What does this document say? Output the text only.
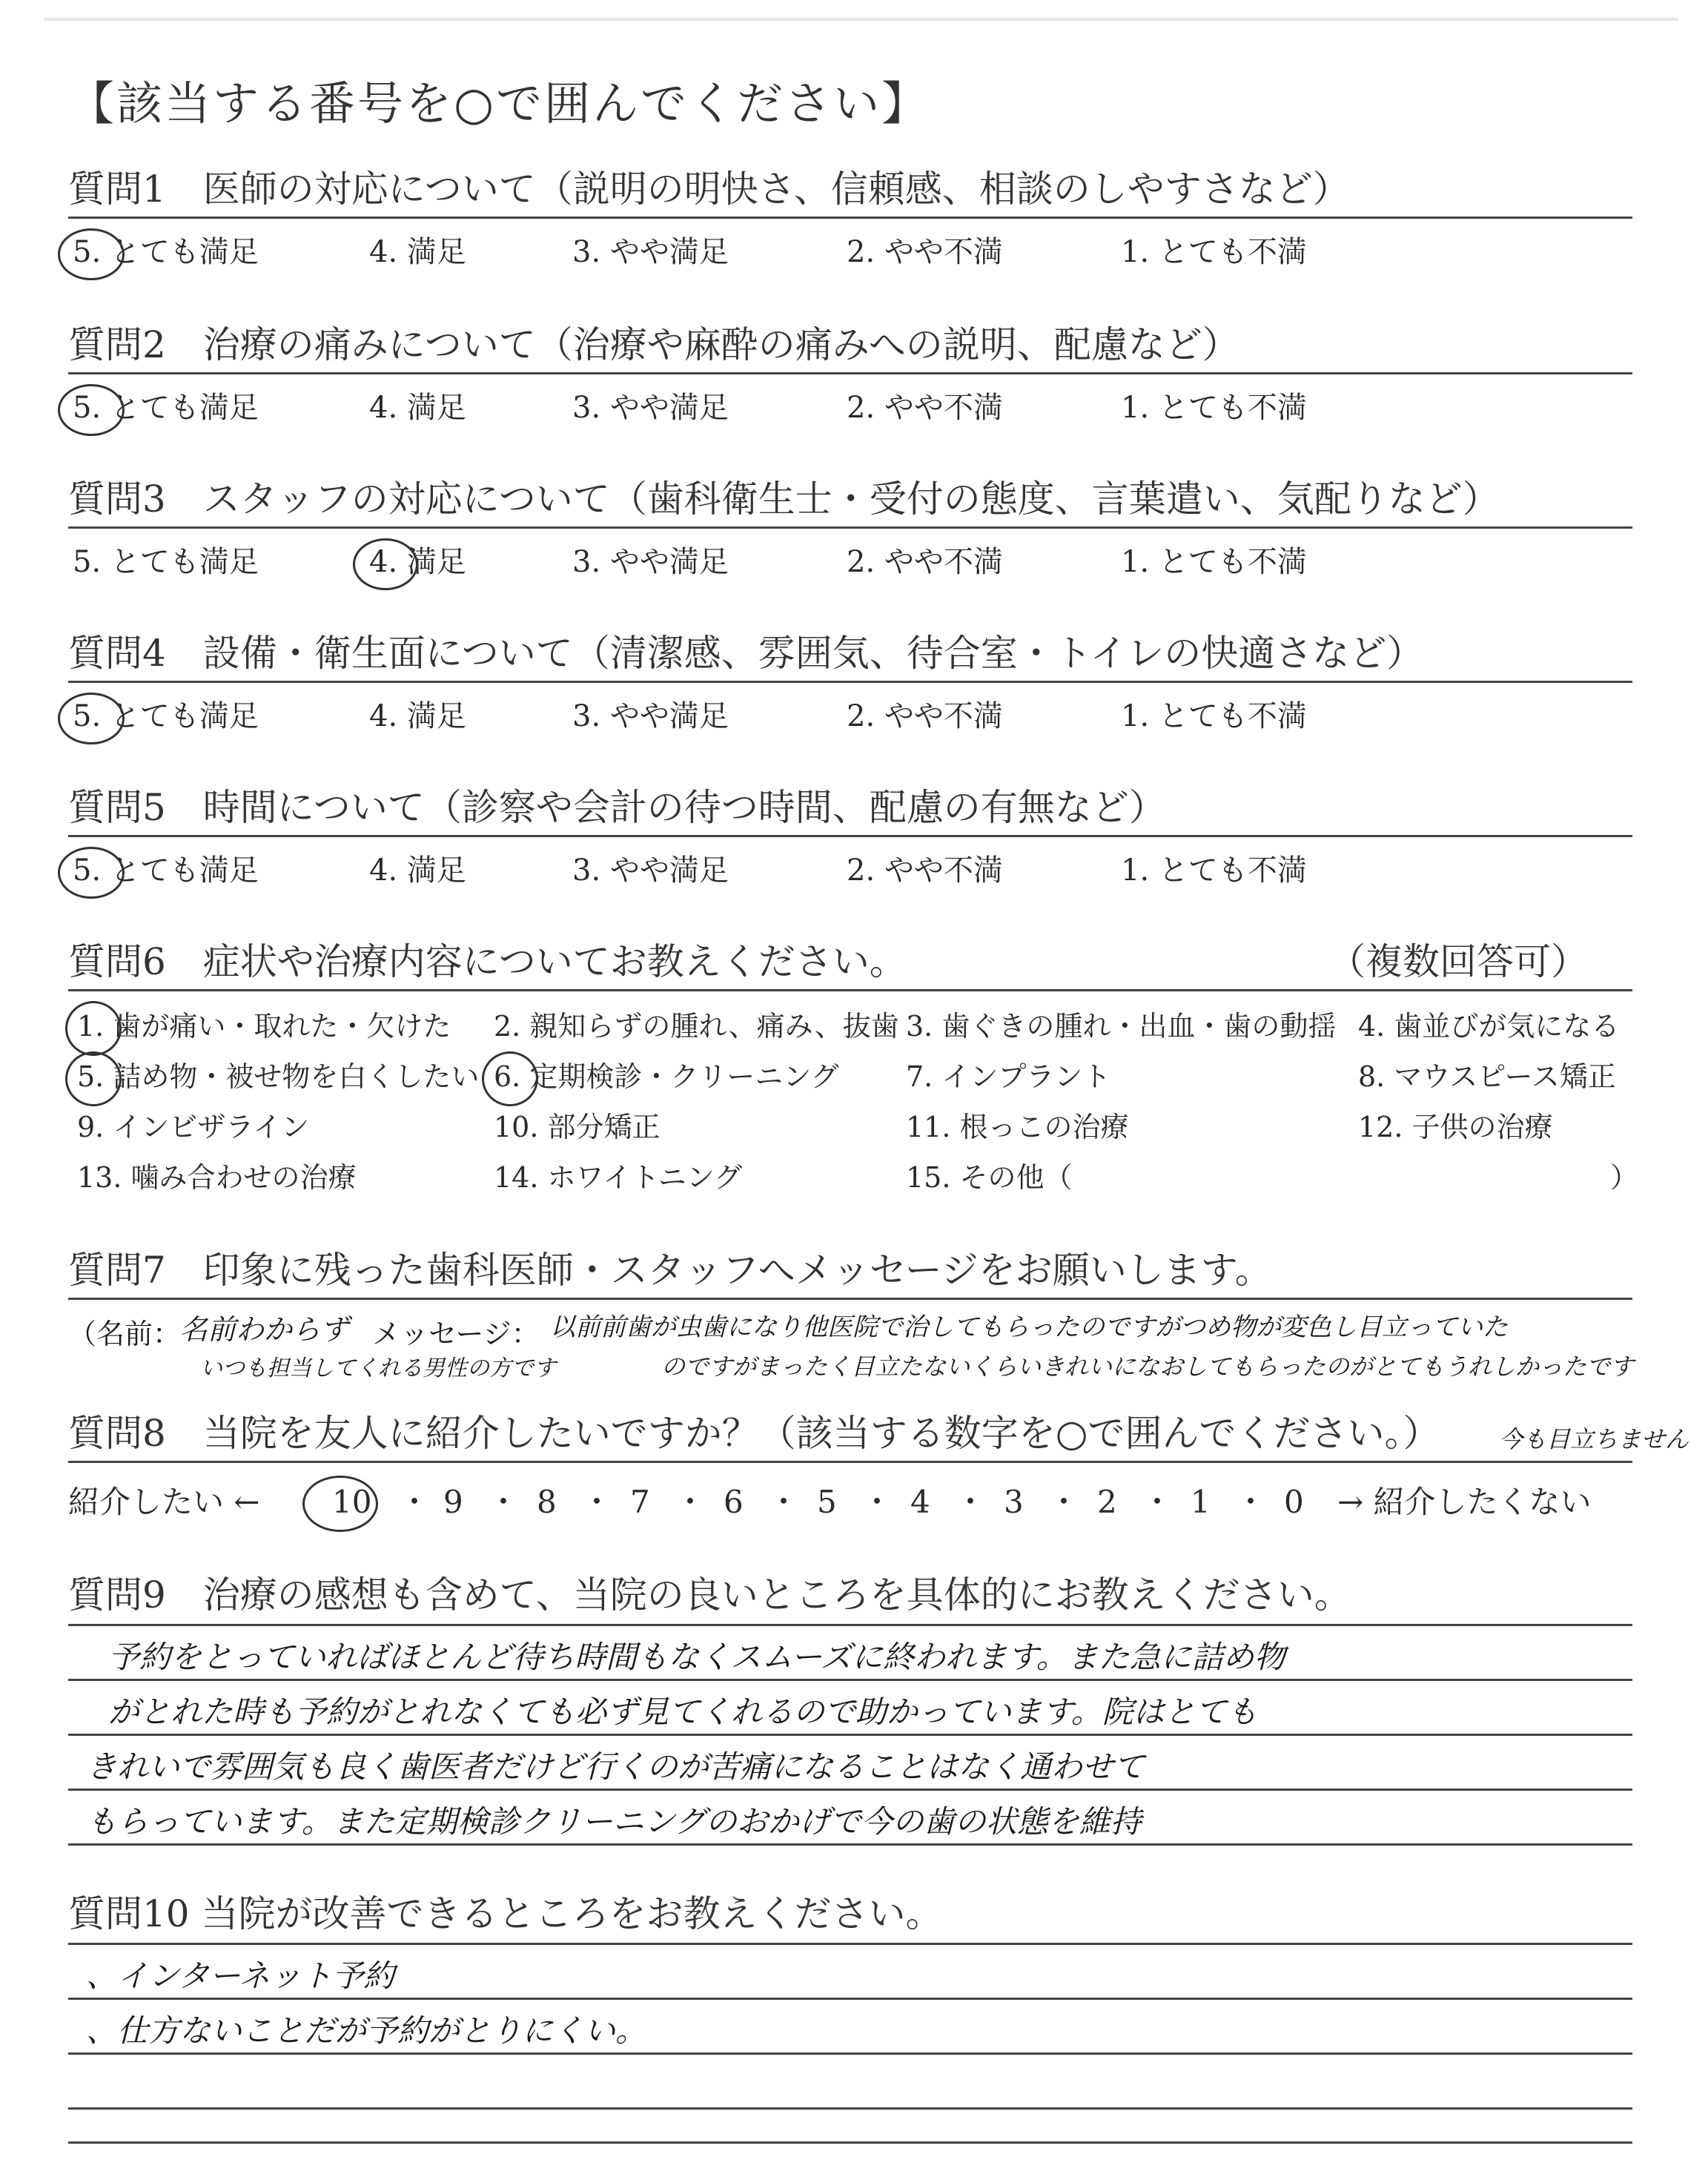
【該当する番号を○で囲んでください】
質問1　医師の対応について（説明の明快さ、信頼感、相談のしやすさなど）
5. とても満足	4. 満足	3. やや満足	2. やや不満	1. とても不満
質問2　治療の痛みについて（治療や麻酔の痛みへの説明、配慮など）
5. とても満足	4. 満足	3. やや満足	2. やや不満	1. とても不満
質問3　スタッフの対応について（歯科衛生士・受付の態度、言葉遣い、気配りなど）
5. とても満足	4. 満足	3. やや満足	2. やや不満	1. とても不満
質問4　設備・衛生面について（清潔感、雰囲気、待合室・トイレの快適さなど）
5. とても満足	4. 満足	3. やや満足	2. やや不満	1. とても不満
質問5　時間について（診察や会計の待つ時間、配慮の有無など）
5. とても満足	4. 満足	3. やや満足	2. やや不満	1. とても不満
質問6　症状や治療内容についてお教えください。	（複数回答可）
1. 歯が痛い・取れた・欠けた 2. 親知らずの腫れ、痛み、抜歯 3. 歯ぐきの腫れ・出血・歯の動揺 4. 歯並びが気になる
5. 詰め物・被せ物を白くしたい 6. 定期検診・クリーニング 7. インプラント	8. マウスピース矯正
9. インビザライン	10. 部分矯正	11. 根っこの治療	12. 子供の治療
13. 噛み合わせの治療	14. ホワイトニング	15. その他（	）
質問7　印象に残った歯科医師・スタッフへメッセージをお願いします。
（名前：
名前わからず
いつも担当してくれる男性の方です
メッセージ： 以前前歯が虫歯になり他医院で治してもらったのですがつめ物が変色し目立っていた
のですがまったく目立たないくらいきれいになおしてもらったのがとてもうれしかったです
質問8　当院を友人に紹介したいですか？（該当する数字を○で囲んでください。）	今も目立ちません
紹介したい ← 10 ・ 9 ・ 8 ・ 7 ・ 6 ・ 5 ・ 4 ・ 3 ・ 2 ・ 1 ・ 0 → 紹介したくない
質問9　治療の感想も含めて、当院の良いところを具体的にお教えください。
予約をとっていればほとんど待ち時間もなくスムーズに終われます。また急に詰め物
がとれた時も予約がとれなくても必ず見てくれるので助かっています。院はとても
きれいで雰囲気も良く歯医者だけど行くのが苦痛になることはなく通わせて
もらっています。また定期検診クリーニングのおかげで今の歯の状態を維持
質問10 当院が改善できるところをお教えください。
、インターネット予約
、仕方ないことだが予約がとりにくい。
